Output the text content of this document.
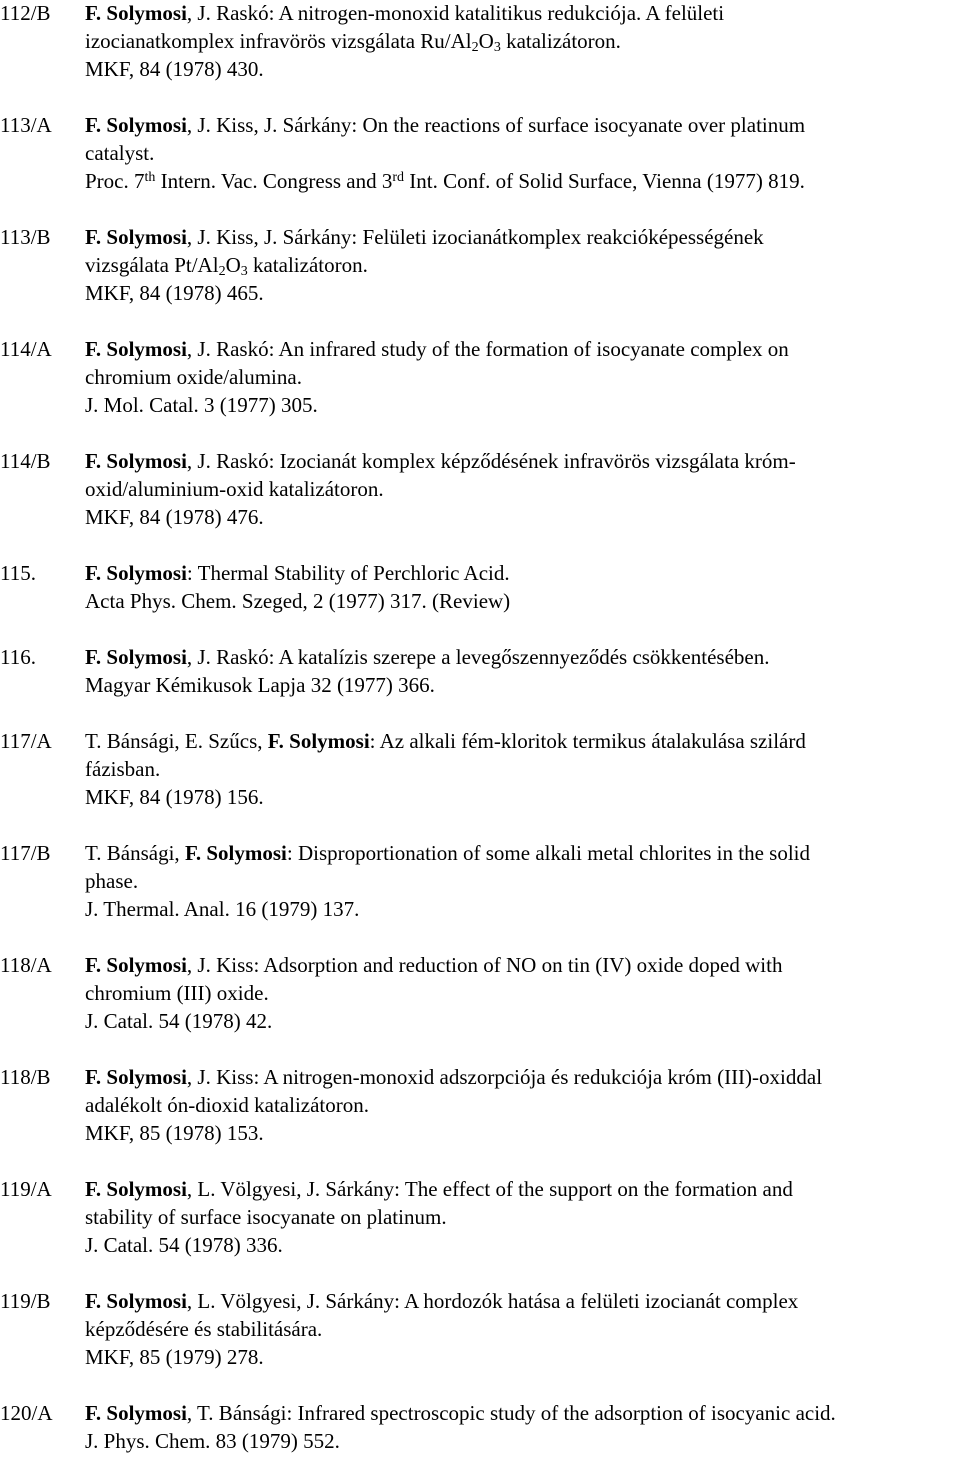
112/B	F. Solymosi, J. Raskó: A nitrogen-monoxid katalitikus redukciója. A felületi
izocianatkomplex infravörös vizsgálata $Ru/Al_2O_3$ katalizátoron.
MKF, 84 (1978) 430.
113/A	F. Solymosi, J. Kiss, J. Sárkány: On the reactions of surface isocyanate over platinum
catalyst.
Proc. 7th Intern. Vac. Congress and 3rd Int. Conf. of Solid Surface, Vienna (1977) 819.
113/B	F. Solymosi, J. Kiss, J. Sárkány: Felületi izocianátkomplex reakcióképességének
vizsgálata $Pt/Al_2O_3$ katalizátoron.
MKF, 84 (1978) 465.
114/A	F. Solymosi, J. Raskó: An infrared study of the formation of isocyanate complex on
chromium oxide/alumina.
J. Mol. Catal. 3 (1977) 305.
114/B	F. Solymosi, J. Raskó: Izocianát komplex képződésének infravörös vizsgálata króm-
oxid/aluminium-oxid katalizátoron.
MKF, 84 (1978) 476.
115.	F. Solymosi: Thermal Stability of Perchloric Acid.
Acta Phys. Chem. Szeged, 2 (1977) 317. (Review)
116.	F. Solymosi, J. Raskó: A katalízis szerepe a levegőszennyeződés csökkentésében.
Magyar Kémikusok Lapja 32 (1977) 366.
117/A	T. Bánsági, E. Szűcs, F. Solymosi: Az alkali fém-kloritok termikus átalakulása szilárd
fázisban.
MKF, 84 (1978) 156.
117/B	T. Bánsági, F. Solymosi: Disproportionation of some alkali metal chlorites in the solid
phase.
J. Thermal. Anal. 16 (1979) 137.
118/A	F. Solymosi, J. Kiss: Adsorption and reduction of NO on tin (IV) oxide doped with
chromium (III) oxide.
J. Catal. 54 (1978) 42.
118/B	F. Solymosi, J. Kiss: A nitrogen-monoxid adszorpciója és redukciója króm (III)-oxiddal
adalékolt ón-dioxid katalizátoron.
MKF, 85 (1978) 153.
119/A	F. Solymosi, L. Völgyesi, J. Sárkány: The effect of the support on the formation and
stability of surface isocyanate on platinum.
J. Catal. 54 (1978) 336.
119/B	F. Solymosi, L. Völgyesi, J. Sárkány: A hordozók hatása a felületi izocianát complex
képződésére és stabilitására.
MKF, 85 (1979) 278.
120/A	F. Solymosi, T. Bánsági: Infrared spectroscopic study of the adsorption of isocyanic acid.
J. Phys. Chem. 83 (1979) 552.
